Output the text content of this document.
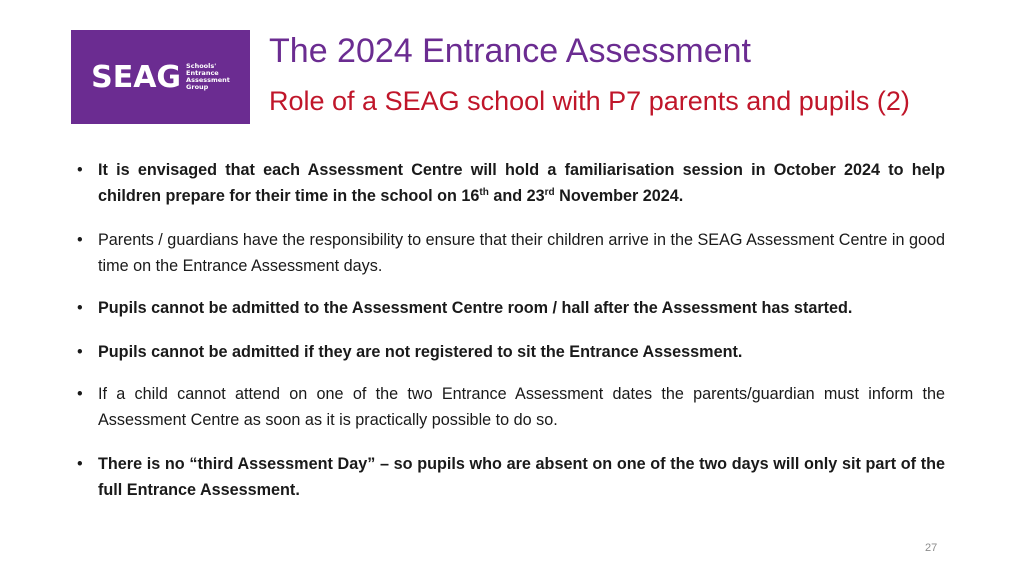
SEAG Schools'
Entrance
Assessment
Group
The 2024 Entrance Assessment
Role of a SEAG school with P7 parents and pupils (2)
• It is envisaged that each Assessment Centre will hold a familiarisation session in October 2024 to help children prepare for their time in the school on 16th and 23rd November 2024.
• Parents / guardians have the responsibility to ensure that their children arrive in the SEAG Assessment Centre in good time on the Entrance Assessment days.
• Pupils cannot be admitted to the Assessment Centre room / hall after the Assessment has started.
• Pupils cannot be admitted if they are not registered to sit the Entrance Assessment.
• If a child cannot attend on one of the two Entrance Assessment dates the parents/guardian must inform the Assessment Centre as soon as it is practically possible to do so.
• There is no “third Assessment Day” – so pupils who are absent on one of the two days will only sit part of the full Entrance Assessment.
27
